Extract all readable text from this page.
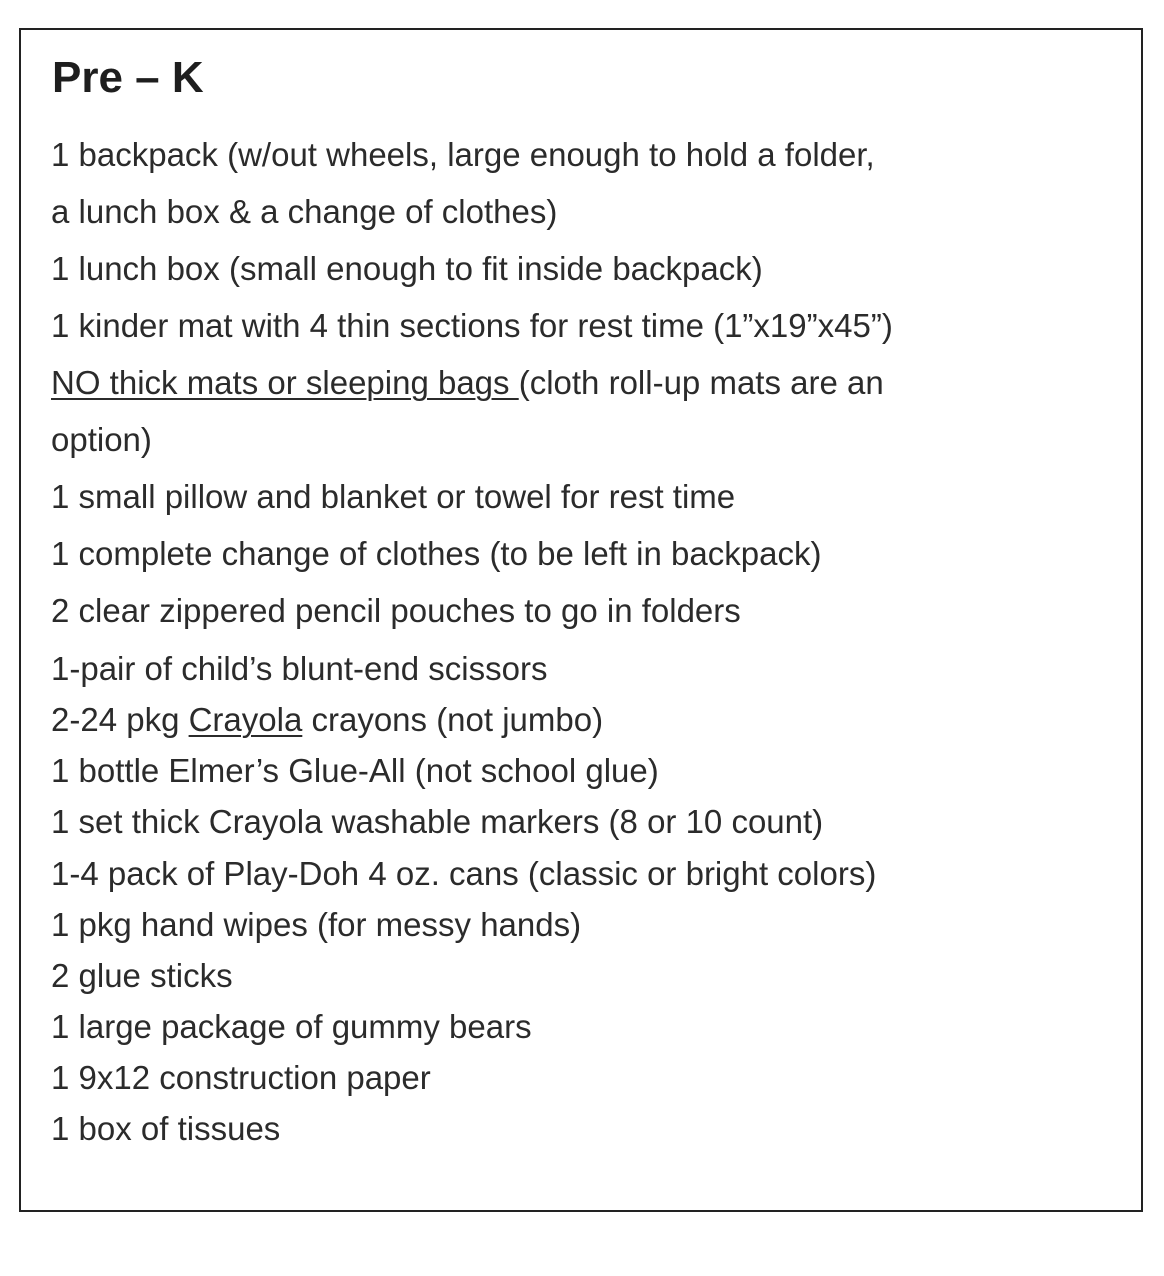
Pre – K
1 backpack (w/out wheels, large enough to hold a folder,
a lunch box & a change of clothes)
1 lunch box (small enough to fit inside backpack)
1 kinder mat with 4 thin sections for rest time (1”x19”x45”)
NO thick mats or sleeping bags (cloth roll-up mats are an
option)
1 small pillow and blanket or towel for rest time
1 complete change of clothes (to be left in backpack)
2 clear zippered pencil pouches to go in folders
1-pair of child’s blunt-end scissors
2-24 pkg Crayola crayons (not jumbo)
1 bottle Elmer’s Glue-All (not school glue)
1 set thick Crayola washable markers (8 or 10 count)
1-4 pack of Play-Doh 4 oz. cans (classic or bright colors)
1 pkg hand wipes (for messy hands)
2 glue sticks
1 large package of gummy bears
1 9x12 construction paper
1 box of tissues
